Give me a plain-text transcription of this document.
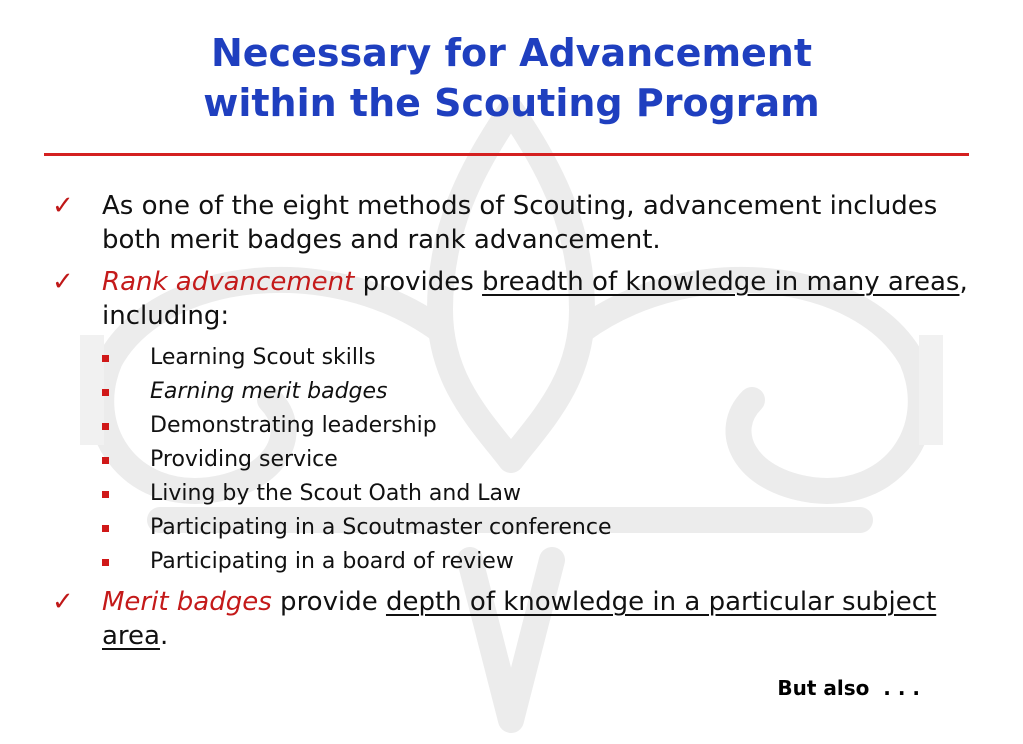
Necessary for Advancement
within the Scouting Program
✓ As one of the eight methods of Scouting, advancement includes both merit badges and rank advancement.
✓ Rank advancement provides breadth of knowledge in many areas, including:
Learning Scout skills
Earning merit badges
Demonstrating leadership
Providing service
Living by the Scout Oath and Law
Participating in a Scoutmaster conference
Participating in a board of review
✓ Merit badges provide depth of knowledge in a particular subject area.
But also  . . .
